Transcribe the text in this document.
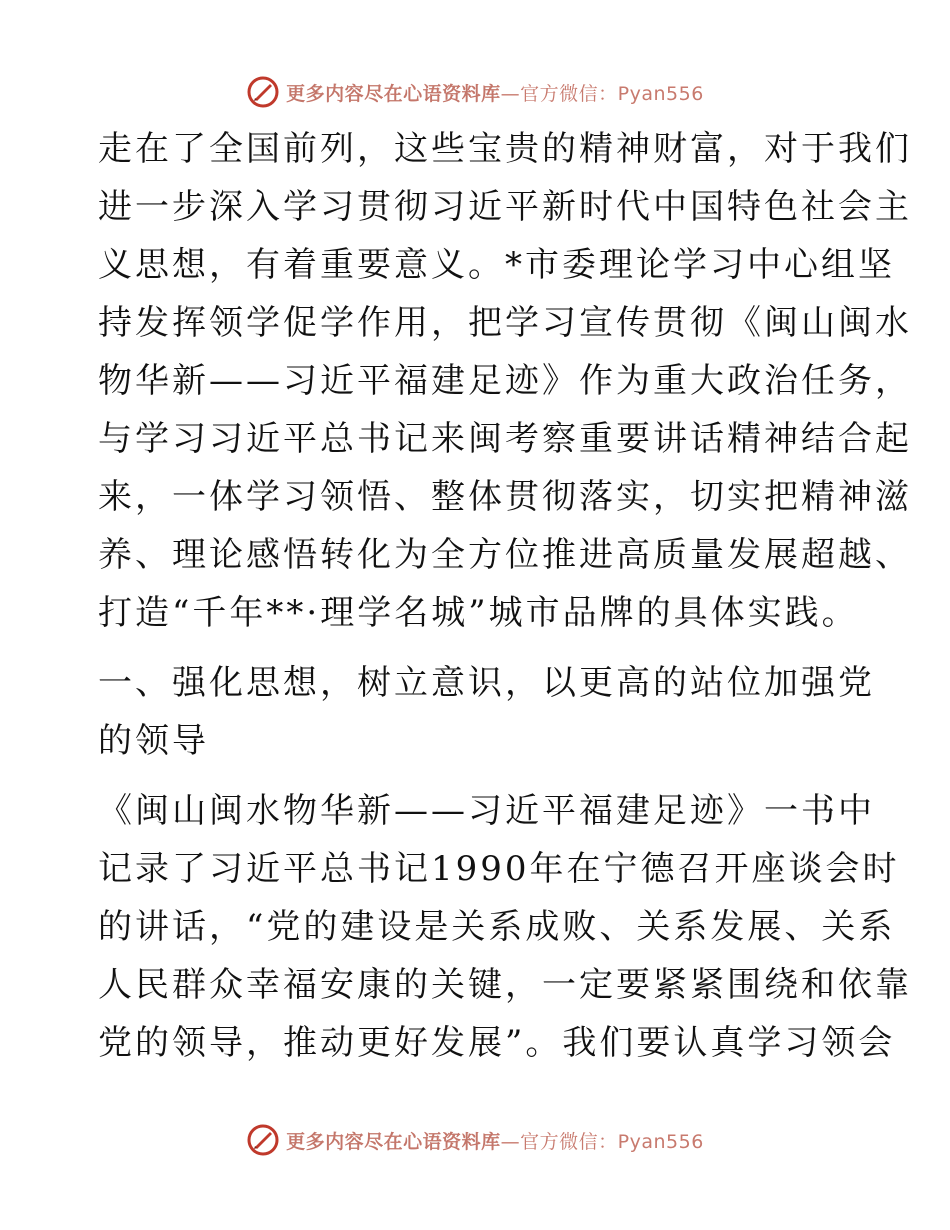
更多内容尽在心语资料库—官方微信：Pyan556
走在了全国前列，这些宝贵的精神财富，对于我们
进一步深入学习贯彻习近平新时代中国特色社会主
义思想，有着重要意义。*市委理论学习中心组坚
持发挥领学促学作用，把学习宣传贯彻《闽山闽水
物华新——习近平福建足迹》作为重大政治任务，
与学习习近平总书记来闽考察重要讲话精神结合起
来，一体学习领悟、整体贯彻落实，切实把精神滋
养、理论感悟转化为全方位推进高质量发展超越、
打造“千年**·理学名城”城市品牌的具体实践。
一、强化思想，树立意识，以更高的站位加强党
的领导
《闽山闽水物华新——习近平福建足迹》一书中
记录了习近平总书记1990年在宁德召开座谈会时
的讲话，“党的建设是关系成败、关系发展、关系
人民群众幸福安康的关键，一定要紧紧围绕和依靠
党的领导，推动更好发展”。我们要认真学习领会
更多内容尽在心语资料库—官方微信：Pyan556
